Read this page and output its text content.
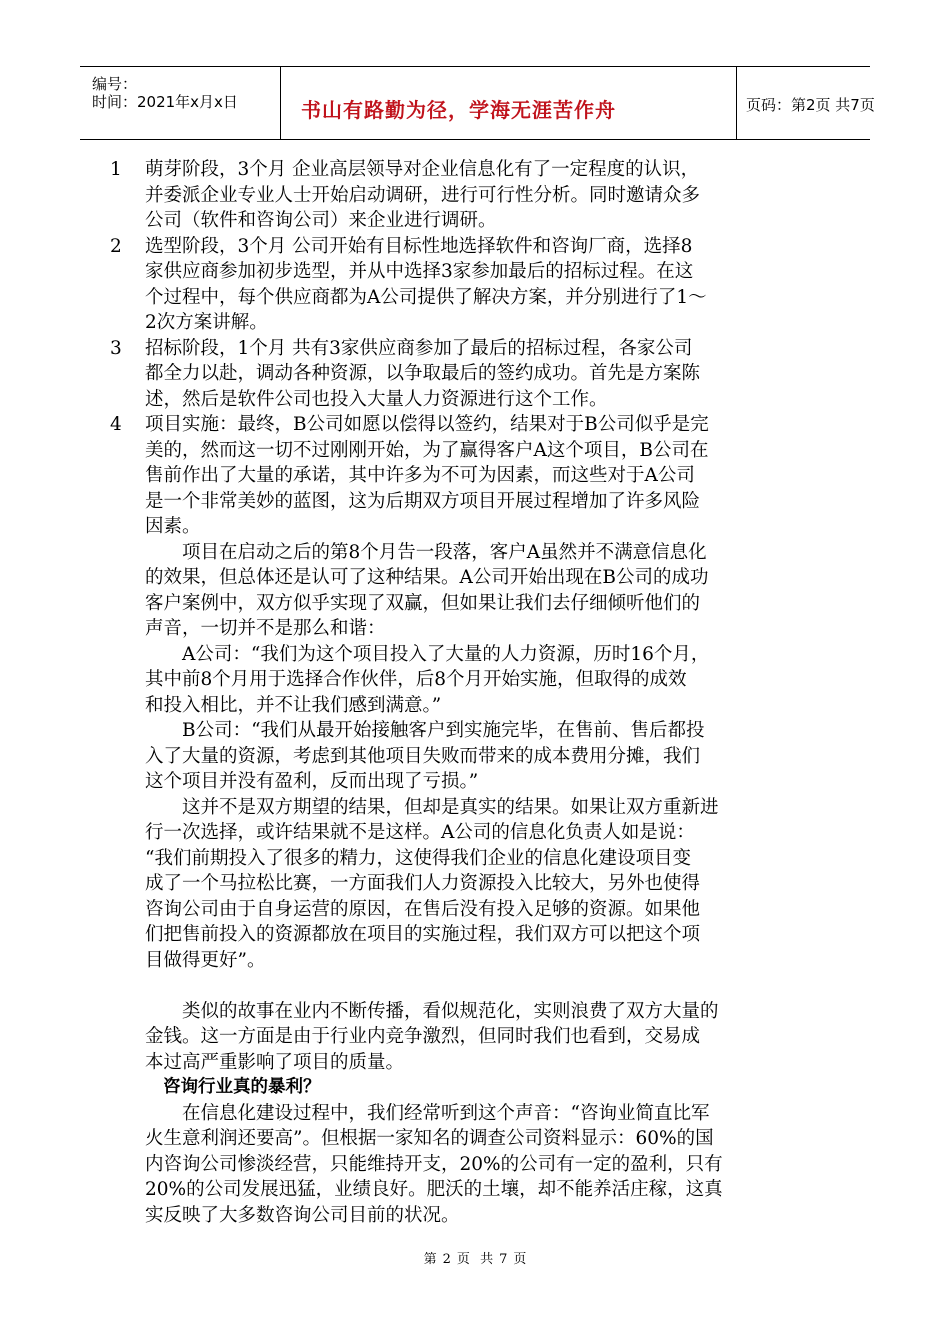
编号：
时间：2021年x月x日	书山有路勤为径，学海无涯苦作舟	页码：第2页 共7页
1 萌芽阶段，3个月 企业高层领导对企业信息化有了一定程度的认识，
并委派企业专业人士开始启动调研，进行可行性分析。同时邀请众多
公司（软件和咨询公司）来企业进行调研。
2 选型阶段，3个月 公司开始有目标性地选择软件和咨询厂商，选择8
家供应商参加初步选型，并从中选择3家参加最后的招标过程。在这
个过程中，每个供应商都为A公司提供了解决方案，并分别进行了1～
2次方案讲解。
3 招标阶段，1个月 共有3家供应商参加了最后的招标过程，各家公司
都全力以赴，调动各种资源，以争取最后的签约成功。首先是方案陈
述，然后是软件公司也投入大量人力资源进行这个工作。
4 项目实施：最终，B公司如愿以偿得以签约，结果对于B公司似乎是完
美的，然而这一切不过刚刚开始，为了赢得客户A这个项目，B公司在
售前作出了大量的承诺，其中许多为不可为因素，而这些对于A公司
是一个非常美妙的蓝图，这为后期双方项目开展过程增加了许多风险
因素。
　　项目在启动之后的第8个月告一段落，客户A虽然并不满意信息化
的效果，但总体还是认可了这种结果。A公司开始出现在B公司的成功
客户案例中，双方似乎实现了双赢，但如果让我们去仔细倾听他们的
声音，一切并不是那么和谐：
　　A公司：“我们为这个项目投入了大量的人力资源，历时16个月，
其中前8个月用于选择合作伙伴，后8个月开始实施，但取得的成效
和投入相比，并不让我们感到满意。”
　　B公司：“我们从最开始接触客户到实施完毕，在售前、售后都投
入了大量的资源，考虑到其他项目失败而带来的成本费用分摊，我们
这个项目并没有盈利，反而出现了亏损。”
　　这并不是双方期望的结果，但却是真实的结果。如果让双方重新进
行一次选择，或许结果就不是这样。A公司的信息化负责人如是说：
“我们前期投入了很多的精力，这使得我们企业的信息化建设项目变
成了一个马拉松比赛，一方面我们人力资源投入比较大，另外也使得
咨询公司由于自身运营的原因，在售后没有投入足够的资源。如果他
们把售前投入的资源都放在项目的实施过程，我们双方可以把这个项
目做得更好”。
　　类似的故事在业内不断传播，看似规范化，实则浪费了双方大量的
金钱。这一方面是由于行业内竞争激烈，但同时我们也看到，交易成
本过高严重影响了项目的质量。
咨询行业真的暴利？
　　在信息化建设过程中，我们经常听到这个声音：“咨询业简直比军
火生意利润还要高”。但根据一家知名的调查公司资料显示：60%的国
内咨询公司惨淡经营，只能维持开支，20%的公司有一定的盈利，只有
20%的公司发展迅猛，业绩良好。肥沃的土壤，却不能养活庄稼，这真
实反映了大多数咨询公司目前的状况。
第 2 页 共 7 页
